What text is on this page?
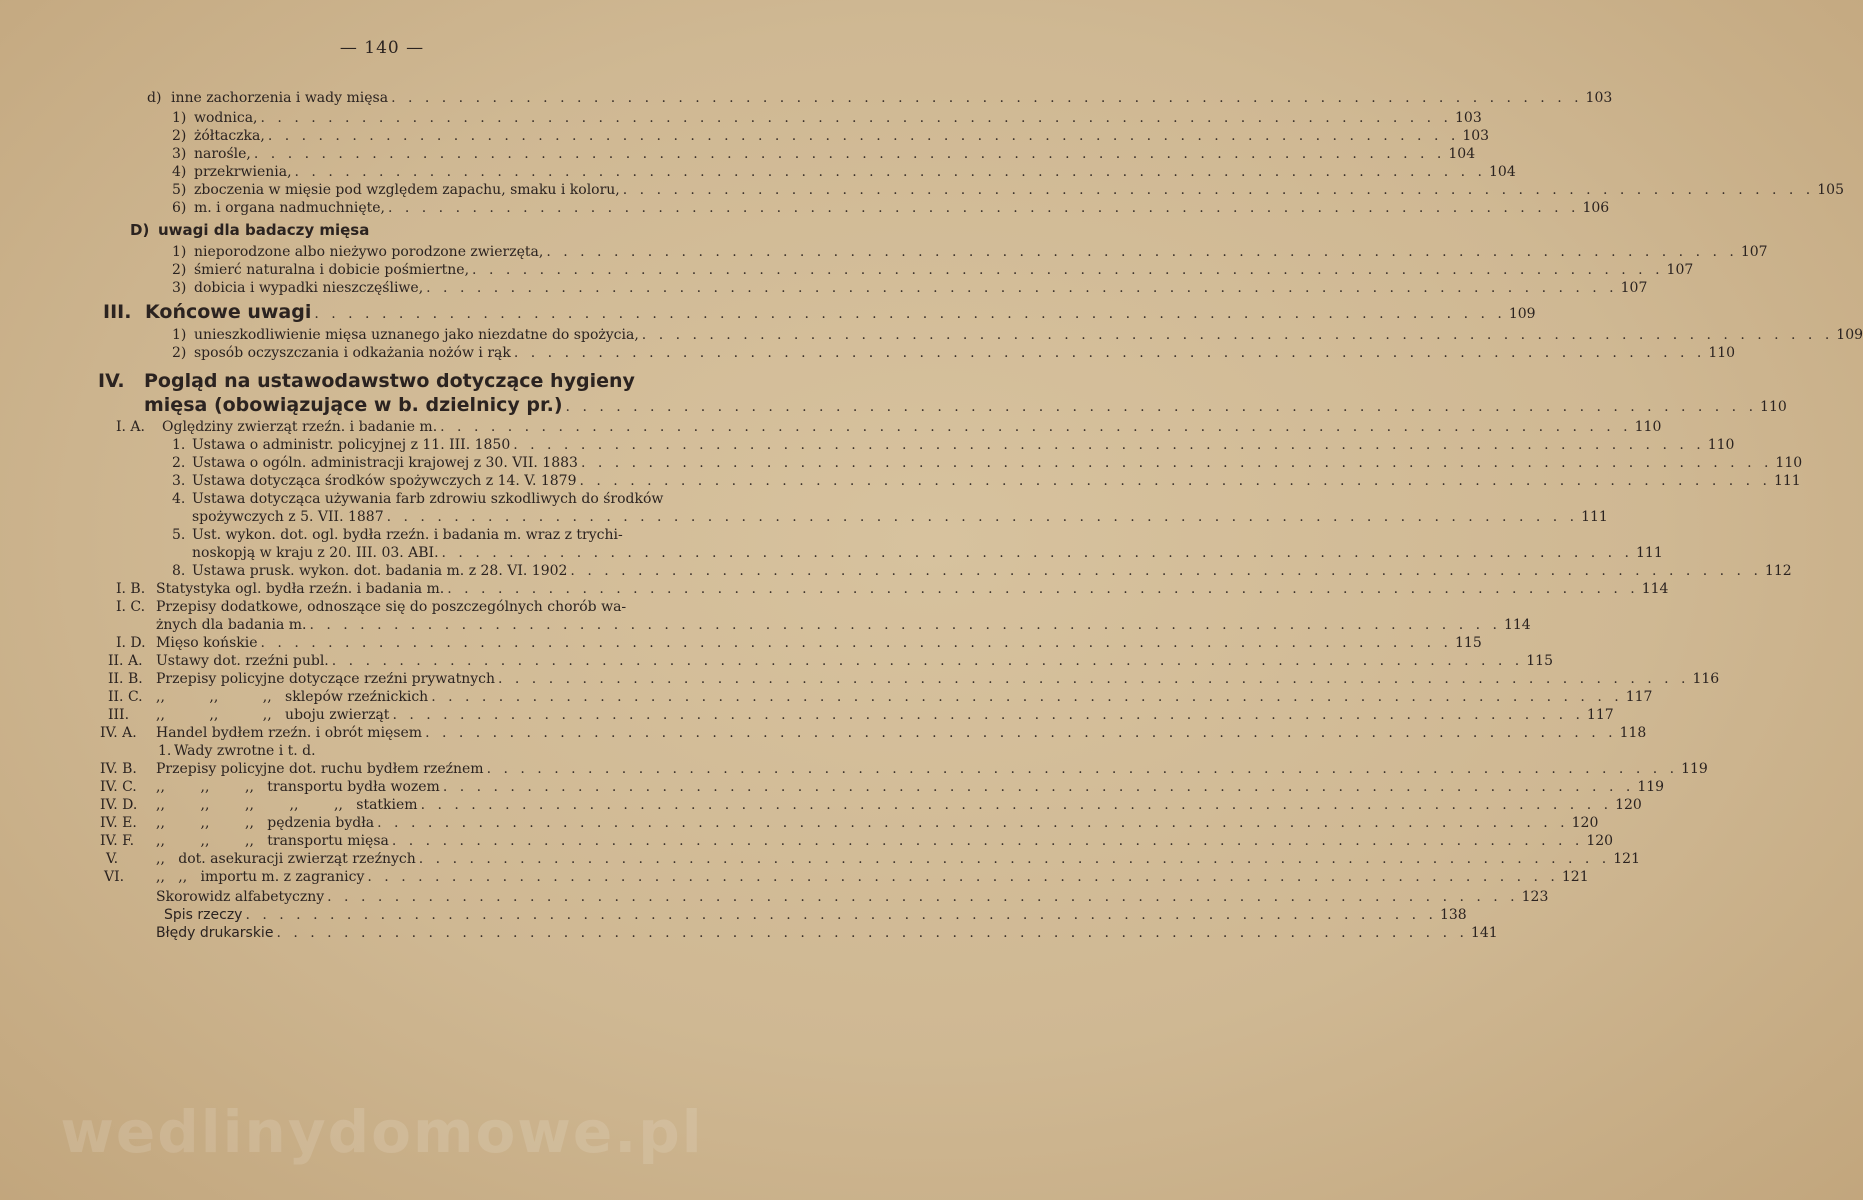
— 140 —
d) inne zachorzenia i wady mięsa . . .	103
1) wodnica, . . .	103
2) żółtaczka, . . .	103
3) narośle, . . .	104
4) przekrwienia, . . .	104
5) zboczenia w mięsie pod względem zapachu, smaku i koloru, . . .	105
6) m. i organa nadmuchnięte, . . .	106
D) uwagi dla badaczy mięsa
1) nieporodzone albo nieżywo porodzone zwierzęta, . . .	107
2) śmierć naturalna i dobicie pośmiertne, . . .	107
3) dobicia i wypadki nieszczęśliwe, . . .	107
III. Końcowe uwagi . . .	109
1) unieszkodliwienie mięsa uznanego jako niezdatne do spożycia, . . .	109
2) sposób oczyszczania i odkażania nożów i rąk . . .	110
IV.	Pogląd na ustawodawstwo dotyczące hygieny
mięsa (obowiązujące w b. dzielnicy pr.) . . .	110
I. A.	Oględziny zwierząt rzeźn. i badanie m. . . .	110
1. Ustawa o administr. policyjnej z 11. III. 1850 . . .	110
2. Ustawa o ogóln. administracji krajowej z 30. VII. 1883 . . .	110
3. Ustawa dotycząca środków spożywczych z 14. V. 1879 . . .	111
4. Ustawa dotycząca używania farb zdrowiu szkodliwych do środków
spożywczych z 5. VII. 1887 . . .	111
5. Ust. wykon. dot. ogl. bydła rzeźn. i badania m. wraz z trychi-
noskopją w kraju z 20. III. 03. ABI. . . .	111
8. Ustawa prusk. wykon. dot. badania m. z 28. VI. 1902 . . .	112
I. B. Statystyka ogl. bydła rzeźn. i badania m. . . .	114
I. C. Przepisy dodatkowe, odnoszące się do poszczególnych chorób wa-
żnych dla badania m. . . .	114
I. D. Mięso końskie . . .	115
II. A. Ustawy dot. rzeźni publ. . . .	115
II. B. Przepisy policyjne dotyczące rzeźni prywatnych . . .	116
II. C. ,,          ,,          ,,   sklepów rzeźnickich . . .	117
III.	,,          ,,          ,,   uboju zwierząt . . .	117
IV. A.	Handel bydłem rzeźn. i obrót mięsem . . .	118
1. Wady zwrotne i t. d.
IV. B.	Przepisy policyjne dot. ruchu bydłem rzeźnem . . .	119
IV. C.	,,        ,,        ,,   transportu bydła wozem . . .	119
IV. D.	,,        ,,        ,,        ,,        ,,   statkiem . . .	120
IV. E.	,,        ,,        ,,   pędzenia bydła . . .	120
IV. F.	,,        ,,        ,,   transportu mięsa . . .	120
V.	,,   dot. asekuracji zwierząt rzeźnych . . .	121
VI.	,,   ,,   importu m. z zagranicy . . .	121
Skorowidz alfabetyczny . . .	123
Spis rzeczy . . .	138
Błędy drukarskie . . .	141
wedlinydomowe.pl
